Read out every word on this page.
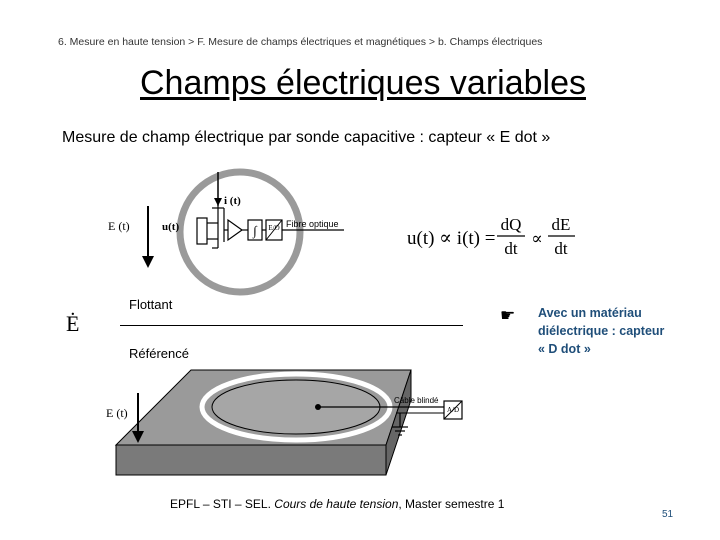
6. Mesure en haute tension > F. Mesure de champs électriques et magnétiques > b. Champs électriques
Champs électriques variables
Mesure de champ électrique par sonde capacitive : capteur « E dot »
∫ E/O
i (t)
u(t)
E (t)	Fibre optique
u(t) ∝ i(t) =
dQ
dt
∝
dE
dt
Ė
Flottant
Référencé
☛ Avec un matériau diélectrique : capteur « D dot »
E (t)
Câble blindé
A/D
EPFL – STI – SEL. Cours de haute tension, Master semestre 1
51
